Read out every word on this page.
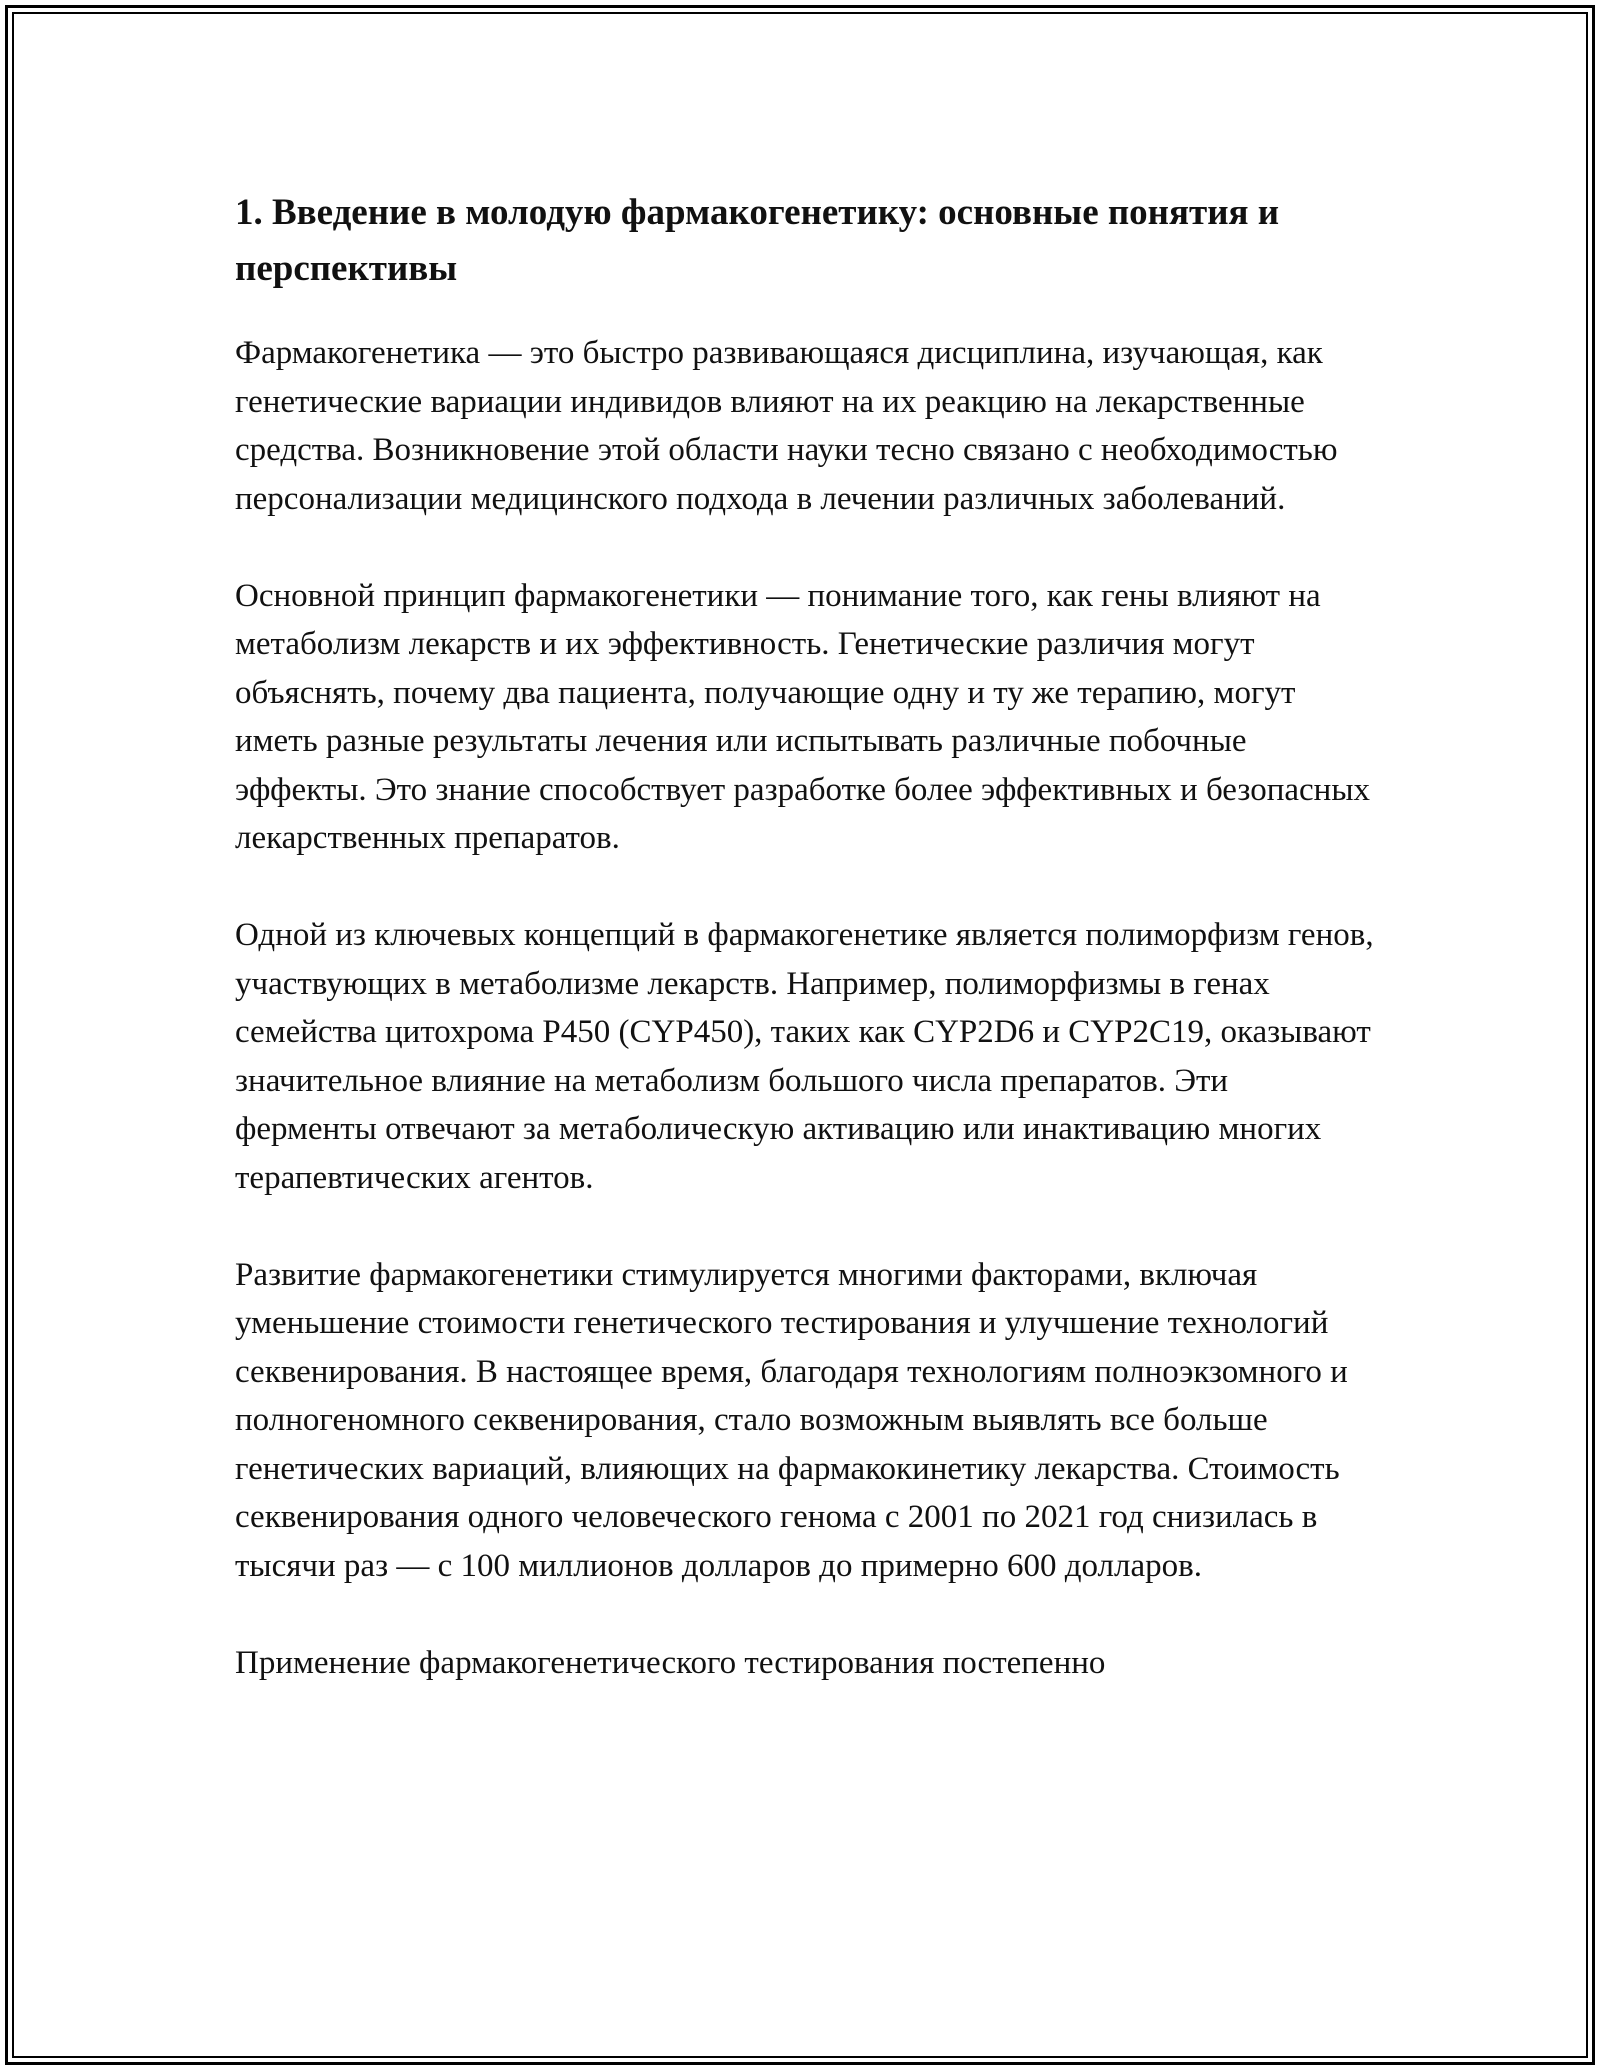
1. Введение в молодую фармакогенетику: основные понятия и перспективы

Фармакогенетика — это быстро развивающаяся дисциплина, изучающая, как генетические вариации индивидов влияют на их реакцию на лекарственные средства. Возникновение этой области науки тесно связано с необходимостью персонализации медицинского подхода в лечении различных заболеваний.

Основной принцип фармакогенетики — понимание того, как гены влияют на метаболизм лекарств и их эффективность. Генетические различия могут объяснять, почему два пациента, получающие одну и ту же терапию, могут иметь разные результаты лечения или испытывать различные побочные эффекты. Это знание способствует разработке более эффективных и безопасных лекарственных препаратов.

Одной из ключевых концепций в фармакогенетике является полиморфизм генов, участвующих в метаболизме лекарств. Например, полиморфизмы в генах семейства цитохрома P450 (CYP450), таких как CYP2D6 и CYP2C19, оказывают значительное влияние на метаболизм большого числа препаратов. Эти ферменты отвечают за метаболическую активацию или инактивацию многих терапевтических агентов.

Развитие фармакогенетики стимулируется многими факторами, включая уменьшение стоимости генетического тестирования и улучшение технологий секвенирования. В настоящее время, благодаря технологиям полноэкзомного и полногеномного секвенирования, стало возможным выявлять все больше генетических вариаций, влияющих на фармакокинетику лекарства. Стоимость секвенирования одного человеческого генома с 2001 по 2021 год снизилась в тысячи раз — с 100 миллионов долларов до примерно 600 долларов.

Применение фармакогенетического тестирования постепенно
